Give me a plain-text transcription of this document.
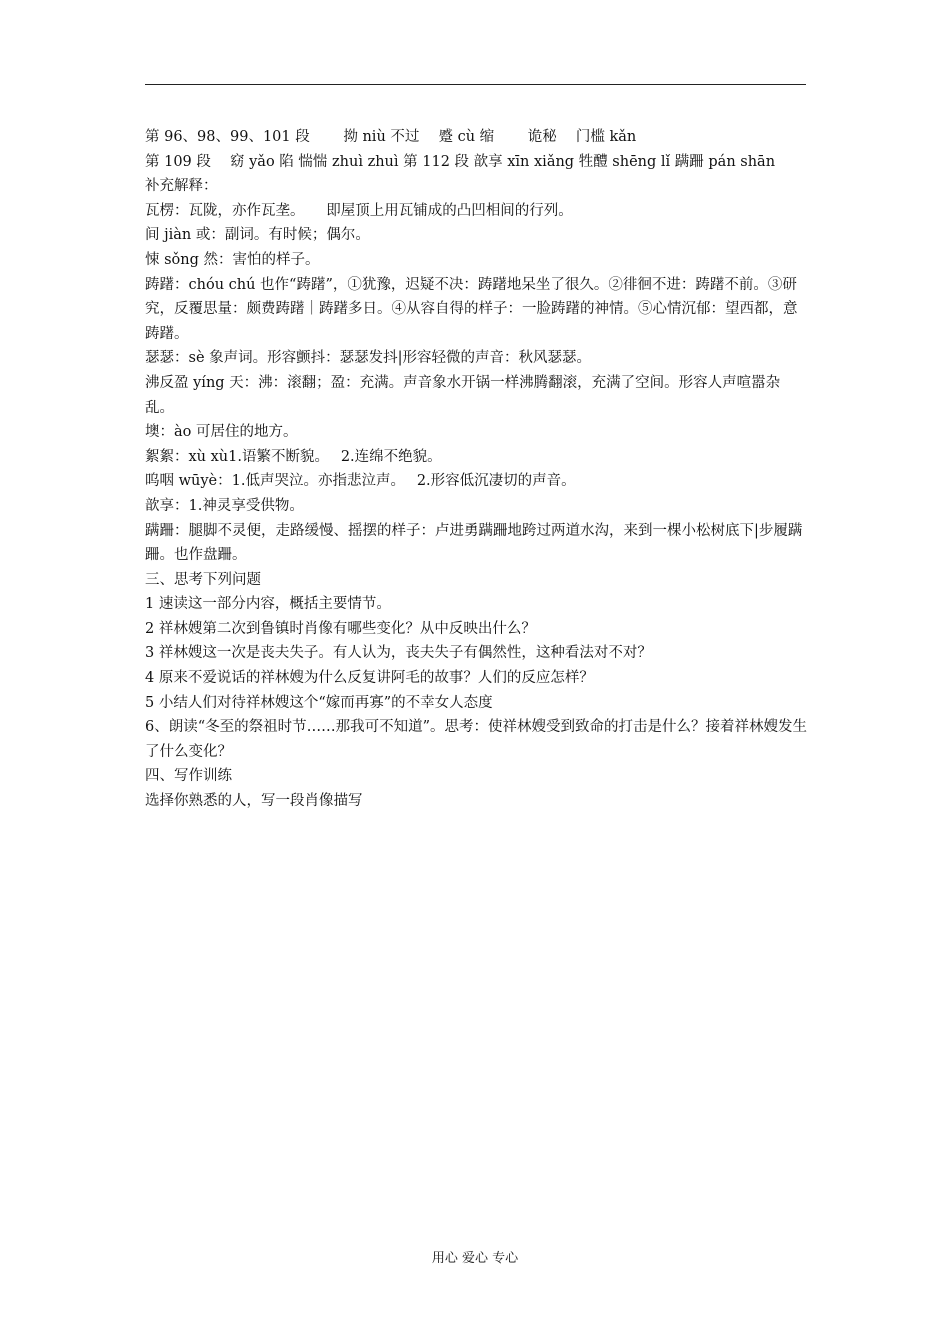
第 96、98、99、101 段　　 拗 niù 不过　 蹙 cù 缩　　 诡秘　 门槛 kǎn

第 109 段　 窈 yǎo 陷 惴惴 zhuì zhuì 第 112 段 歆享 xīn xiǎng 牲醴 shēng lǐ 蹒跚 pán shān

补充解释：

瓦楞：瓦陇，亦作瓦垄。　　即屋顶上用瓦铺成的凸凹相间的行列。

间 jiàn 或：副词。有时候；偶尔。

悚 sǒng 然：害怕的样子。

踌躇：chóu chú 也作“踌躇”，①犹豫，迟疑不决：踌躇地呆坐了很久。②徘徊不进：踌躇不前。③研究，反覆思量：颇费踌躇｜踌躇多日。④从容自得的样子：一脸踌躇的神情。⑤心情沉郁：望西都，意踌躇。

瑟瑟：sè 象声词。形容颤抖：瑟瑟发抖|形容轻微的声音：秋风瑟瑟。

沸反盈 yíng 天：沸：滚翻；盈：充满。声音象水开锅一样沸腾翻滚，充满了空间。形容人声喧嚣杂乱。

墺：ào 可居住的地方。

絮絮：xù xù1.语繁不断貌。　 2.连绵不绝貌。

呜咽 wūyè：1.低声哭泣。亦指悲泣声。　 2.形容低沉凄切的声音。

歆享：1.神灵享受供物。

蹒跚：腿脚不灵便，走路缓慢、摇摆的样子：卢进勇蹒跚地跨过两道水沟，来到一棵小松树底下|步履蹒跚。也作盘跚。

三、思考下列问题

1 速读这一部分内容，概括主要情节。

2 祥林嫂第二次到鲁镇时肖像有哪些变化？从中反映出什么？

3 祥林嫂这一次是丧夫失子。有人认为，丧夫失子有偶然性，这种看法对不对？

4 原来不爱说话的祥林嫂为什么反复讲阿毛的故事？人们的反应怎样？

5 小结人们对待祥林嫂这个“嫁而再寡”的不幸女人态度

6、朗读“冬至的祭祖时节……那我可不知道”。思考：使祥林嫂受到致命的打击是什么？接着祥林嫂发生了什么变化？

四、写作训练

选择你熟悉的人，写一段肖像描写

用心 爱心 专心
